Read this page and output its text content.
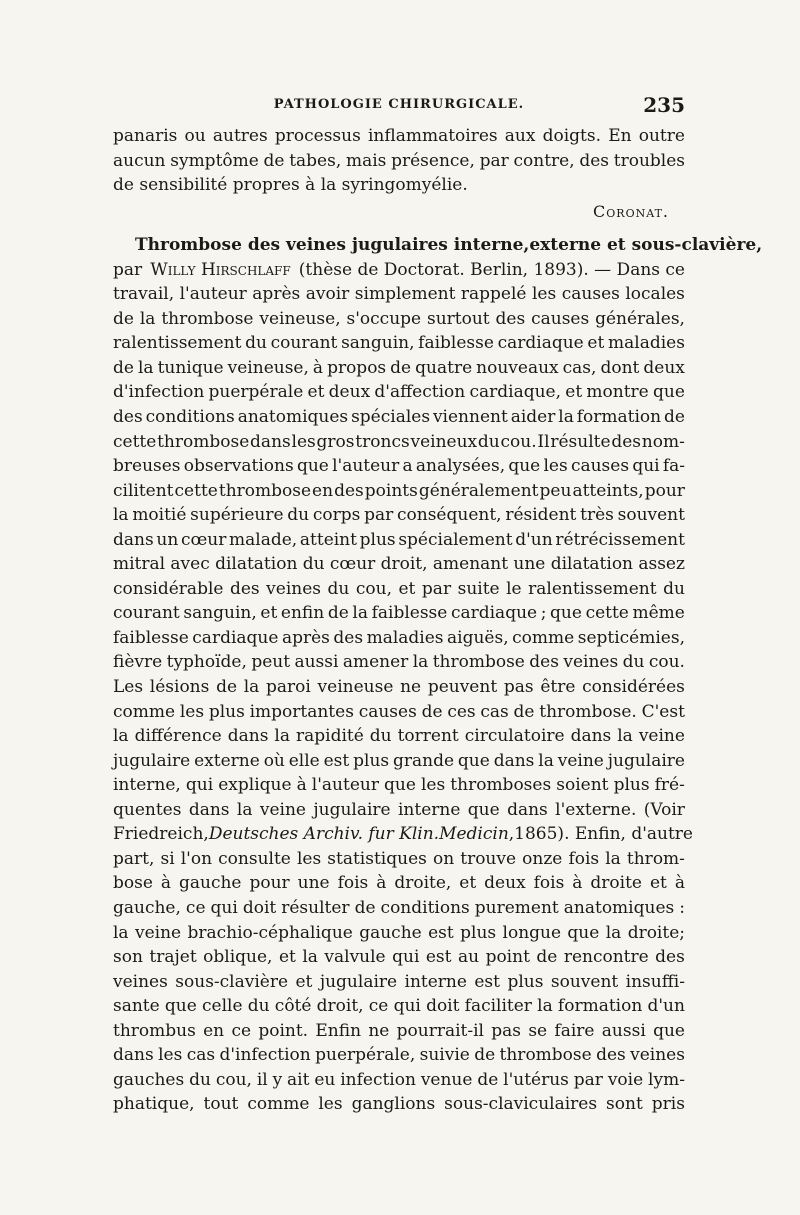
PATHOLOGIE CHIRURGICALE.	235
panaris ou autres processus inflammatoires aux doigts. En outre
aucun symptôme de tabes, mais présence, par contre, des troubles
de sensibilité propres à la syringomyélie.
Coronat.
Thrombose des veines jugulaires interne,externe et sous-clavière,
par Willy Hirschlaff (thèse de Doctorat. Berlin, 1893). — Dans ce
travail, l'auteur après avoir simplement rappelé les causes locales
de la thrombose veineuse, s'occupe surtout des causes générales,
ralentissement du courant sanguin, faiblesse cardiaque et maladies
de la tunique veineuse, à propos de quatre nouveaux cas, dont deux
d'infection puerpérale et deux d'affection cardiaque, et montre que
des conditions anatomiques spéciales viennent aider la formation de
cette thrombose dans les gros troncs veineux du cou. Il résulte des nom-
breuses observations que l'auteur a analysées, que les causes qui fa-
cilitent cette thrombose en des points généralement peu atteints, pour
la moitié supérieure du corps par conséquent, résident très souvent
dans un cœur malade, atteint plus spécialement d'un rétrécissement
mitral avec dilatation du cœur droit, amenant une dilatation assez
considérable des veines du cou, et par suite le ralentissement du
courant sanguin, et enfin de la faiblesse cardiaque ; que cette même
faiblesse cardiaque après des maladies aiguës, comme septicémies,
fièvre typhoïde, peut aussi amener la thrombose des veines du cou.
Les lésions de la paroi veineuse ne peuvent pas être considérées
comme les plus importantes causes de ces cas de thrombose. C'est
la différence dans la rapidité du torrent circulatoire dans la veine
jugulaire externe où elle est plus grande que dans la veine jugulaire
interne, qui explique à l'auteur que les thromboses soient plus fré-
quentes dans la veine jugulaire interne que dans l'externe. (Voir
Friedreich, Deutsches Archiv. fur Klin.Medicin ,1865). Enfin, d'autre
part, si l'on consulte les statistiques on trouve onze fois la throm-
bose à gauche pour une fois à droite, et deux fois à droite et à
gauche, ce qui doit résulter de conditions purement anatomiques :
la veine brachio-céphalique gauche est plus longue que la droite;
son trajet oblique, et la valvule qui est au point de rencontre des
veines sous-clavière et jugulaire interne est plus souvent insuffi-
sante que celle du côté droit, ce qui doit faciliter la formation d'un
thrombus en ce point. Enfin ne pourrait-il pas se faire aussi que
dans les cas d'infection puerpérale, suivie de thrombose des veines
gauches du cou, il y ait eu infection venue de l'utérus par voie lym-
phatique, tout comme les ganglions sous-claviculaires sont pris
